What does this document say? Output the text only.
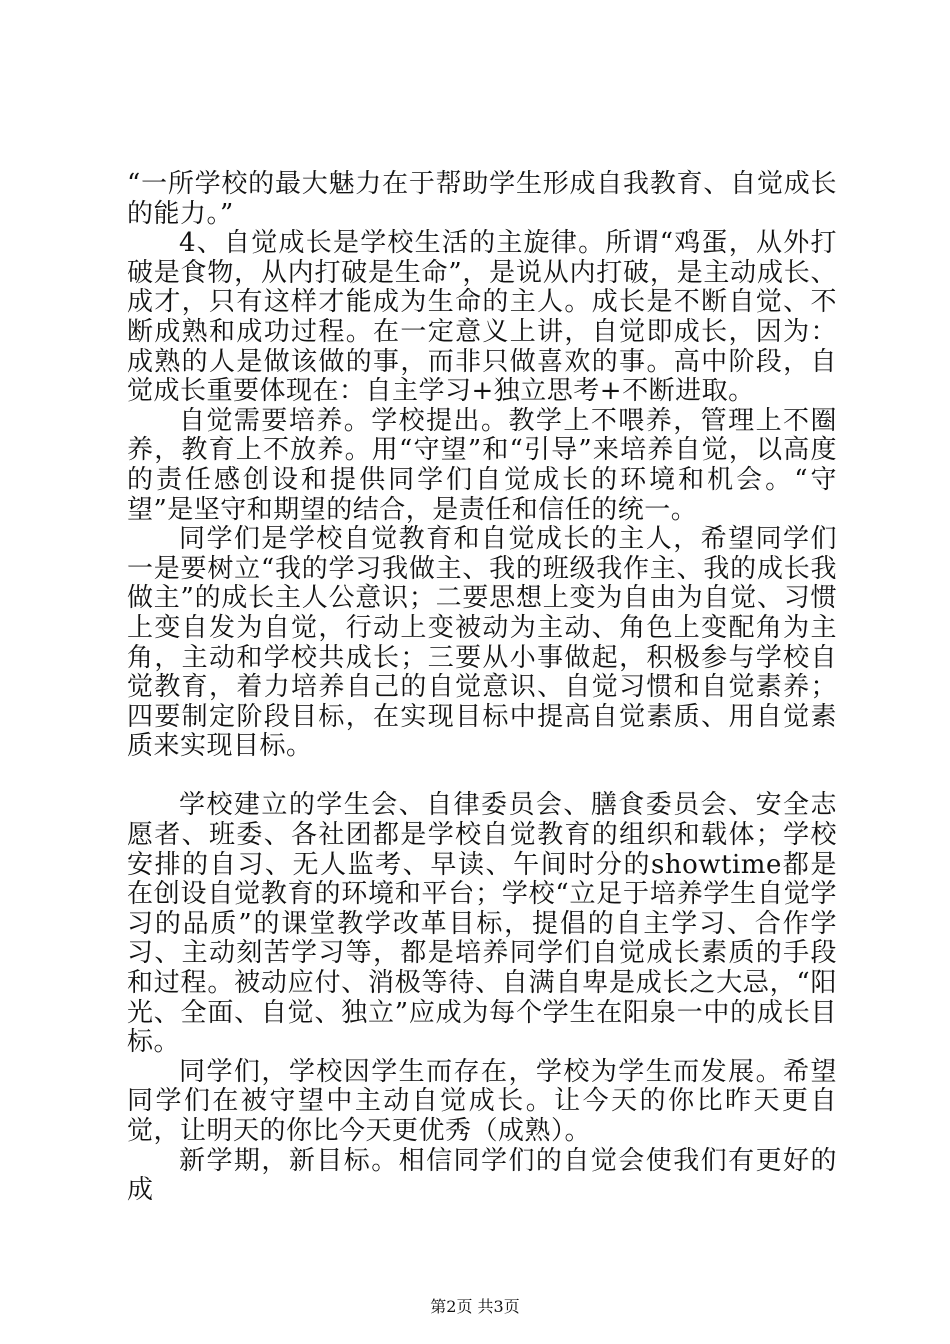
“一所学校的最大魅力在于帮助学生形成自我教育、自觉成长的能力。”

4、自觉成长是学校生活的主旋律。所谓“鸡蛋，从外打破是食物，从内打破是生命”，是说从内打破，是主动成长、成才，只有这样才能成为生命的主人。成长是不断自觉、不断成熟和成功过程。在一定意义上讲，自觉即成长，因为：成熟的人是做该做的事，而非只做喜欢的事。高中阶段，自觉成长重要体现在：自主学习+独立思考+不断进取。

自觉需要培养。学校提出。教学上不喂养，管理上不圈养，教育上不放养。用“守望”和“引导”来培养自觉，以高度的责任感创设和提供同学们自觉成长的环境和机会。“守望”是坚守和期望的结合，是责任和信任的统一。

同学们是学校自觉教育和自觉成长的主人，希望同学们一是要树立“我的学习我做主、我的班级我作主、我的成长我做主”的成长主人公意识；二要思想上变为自由为自觉、习惯上变自发为自觉，行动上变被动为主动、角色上变配角为主角，主动和学校共成长；三要从小事做起，积极参与学校自觉教育，着力培养自己的自觉意识、自觉习惯和自觉素养；四要制定阶段目标，在实现目标中提高自觉素质、用自觉素质来实现目标。

学校建立的学生会、自律委员会、膳食委员会、安全志愿者、班委、各社团都是学校自觉教育的组织和载体；学校安排的自习、无人监考、早读、午间时分的showtime都是在创设自觉教育的环境和平台；学校“立足于培养学生自觉学习的品质”的课堂教学改革目标，提倡的自主学习、合作学习、主动刻苦学习等，都是培养同学们自觉成长素质的手段和过程。被动应付、消极等待、自满自卑是成长之大忌，“阳光、全面、自觉、独立”应成为每个学生在阳泉一中的成长目标。

同学们，学校因学生而存在，学校为学生而发展。希望同学们在被守望中主动自觉成长。让今天的你比昨天更自觉，让明天的你比今天更优秀（成熟）。

新学期，新目标。相信同学们的自觉会使我们有更好的成

第2页 共3页
